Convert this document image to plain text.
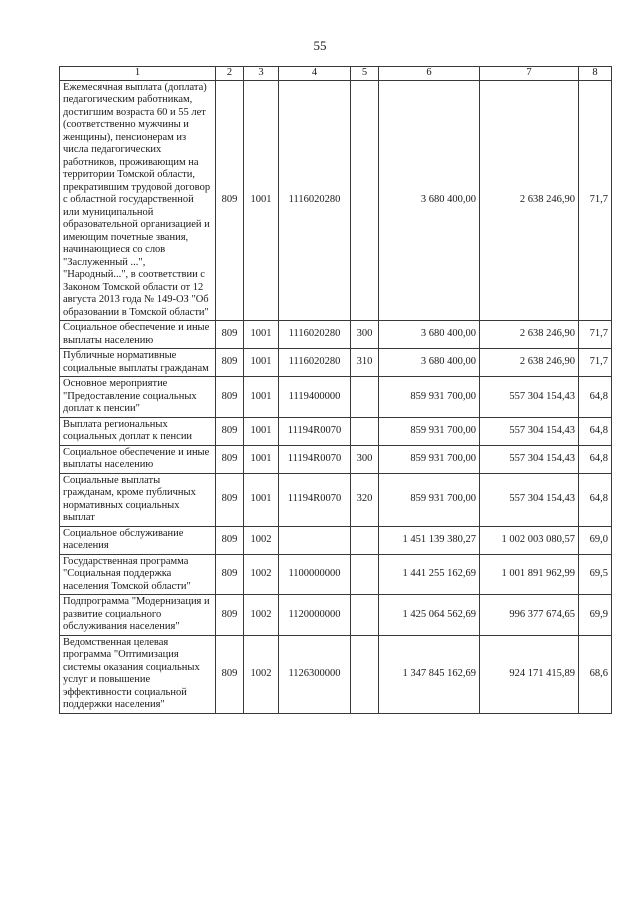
55
1	2	3	4	5	6	7	8
Ежемесячная выплата (доплата) педагогическим работникам, достигшим возраста 60 и 55 лет (соответственно мужчины и женщины), пенсионерам из числа педагогических работников, проживающим на территории Томской области, прекратившим трудовой договор с областной государственной или муниципальной образовательной организацией и имеющим почетные звания, начинающиеся со слов "Заслуженный ...", "Народный...", в соответствии с Законом Томской области от 12 августа 2013 года № 149-ОЗ "Об образовании в Томской области"	809	1001	1116020280		3 680 400,00	2 638 246,90	71,7
Социальное обеспечение и иные выплаты населению	809	1001	1116020280	300	3 680 400,00	2 638 246,90	71,7
Публичные нормативные социальные выплаты гражданам	809	1001	1116020280	310	3 680 400,00	2 638 246,90	71,7
Основное мероприятие "Предоставление социальных доплат к пенсии"	809	1001	1119400000		859 931 700,00	557 304 154,43	64,8
Выплата региональных социальных доплат к пенсии	809	1001	11194R0070		859 931 700,00	557 304 154,43	64,8
Социальное обеспечение и иные выплаты населению	809	1001	11194R0070	300	859 931 700,00	557 304 154,43	64,8
Социальные выплаты гражданам, кроме публичных нормативных социальных выплат	809	1001	11194R0070	320	859 931 700,00	557 304 154,43	64,8
Социальное обслуживание населения	809	1002			1 451 139 380,27	1 002 003 080,57	69,0
Государственная программа "Социальная поддержка населения Томской области"	809	1002	1100000000		1 441 255 162,69	1 001 891 962,99	69,5
Подпрограмма "Модернизация и развитие социального обслуживания населения"	809	1002	1120000000		1 425 064 562,69	996 377 674,65	69,9
Ведомственная целевая программа "Оптимизация системы оказания социальных услуг и повышение эффективности социальной поддержки населения"	809	1002	1126300000		1 347 845 162,69	924 171 415,89	68,6
